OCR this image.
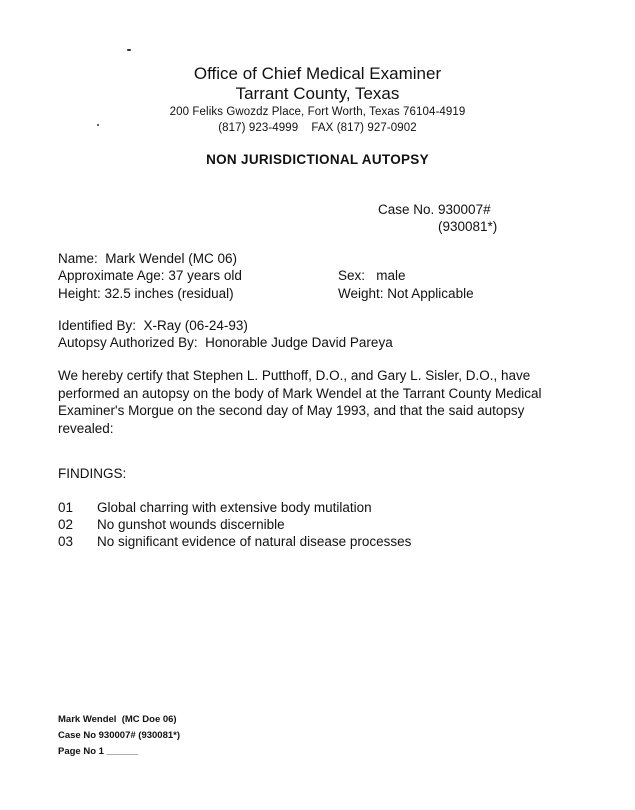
Office of Chief Medical Examiner
Tarrant County, Texas
200 Feliks Gwozdz Place, Fort Worth, Texas 76104-4919
(817) 923-4999    FAX (817) 927-0902
NON JURISDICTIONAL AUTOPSY
Case No. 930007#
(930081*)
Name:  Mark Wendel (MC 06)
Approximate Age: 37 years old	Sex:   male
Height: 32.5 inches (residual)	Weight: Not Applicable
Identified By:  X-Ray (06-24-93)
Autopsy Authorized By:  Honorable Judge David Pareya
We hereby certify that Stephen L. Putthoff, D.O., and Gary L. Sisler, D.O., have performed an autopsy on the body of Mark Wendel at the Tarrant County Medical Examiner's Morgue on the second day of May 1993, and that the said autopsy revealed:
FINDINGS:
01 Global charring with extensive body mutilation
02 No gunshot wounds discernible
03 No significant evidence of natural disease processes
Mark Wendel  (MC Doe 06)
Case No 930007# (930081*)
Page No 1 ______
